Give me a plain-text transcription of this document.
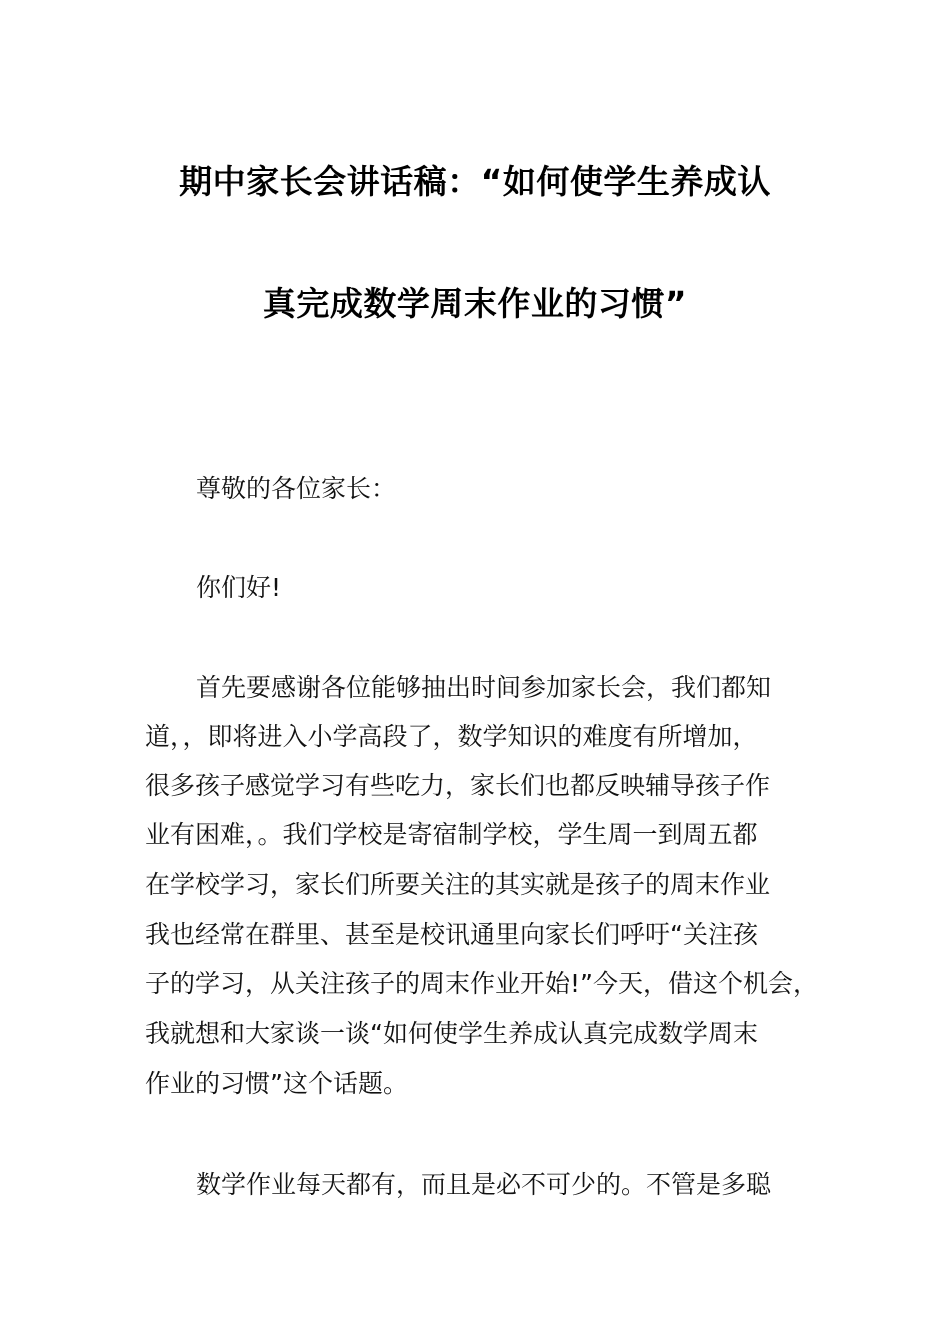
期中家长会讲话稿：“如何使学生养成认
真完成数学周末作业的习惯”
尊敬的各位家长：
你们好!
首先要感谢各位能够抽出时间参加家长会，我们都知
道，，即将进入小学高段了，数学知识的难度有所增加，
很多孩子感觉学习有些吃力，家长们也都反映辅导孩子作
业有困难，。我们学校是寄宿制学校，学生周一到周五都
在学校学习，家长们所要关注的其实就是孩子的周末作业
我也经常在群里、甚至是校讯通里向家长们呼吁“关注孩
子的学习，从关注孩子的周末作业开始!”今天，借这个机会，
我就想和大家谈一谈“如何使学生养成认真完成数学周末
作业的习惯”这个话题。
数学作业每天都有，而且是必不可少的。不管是多聪
